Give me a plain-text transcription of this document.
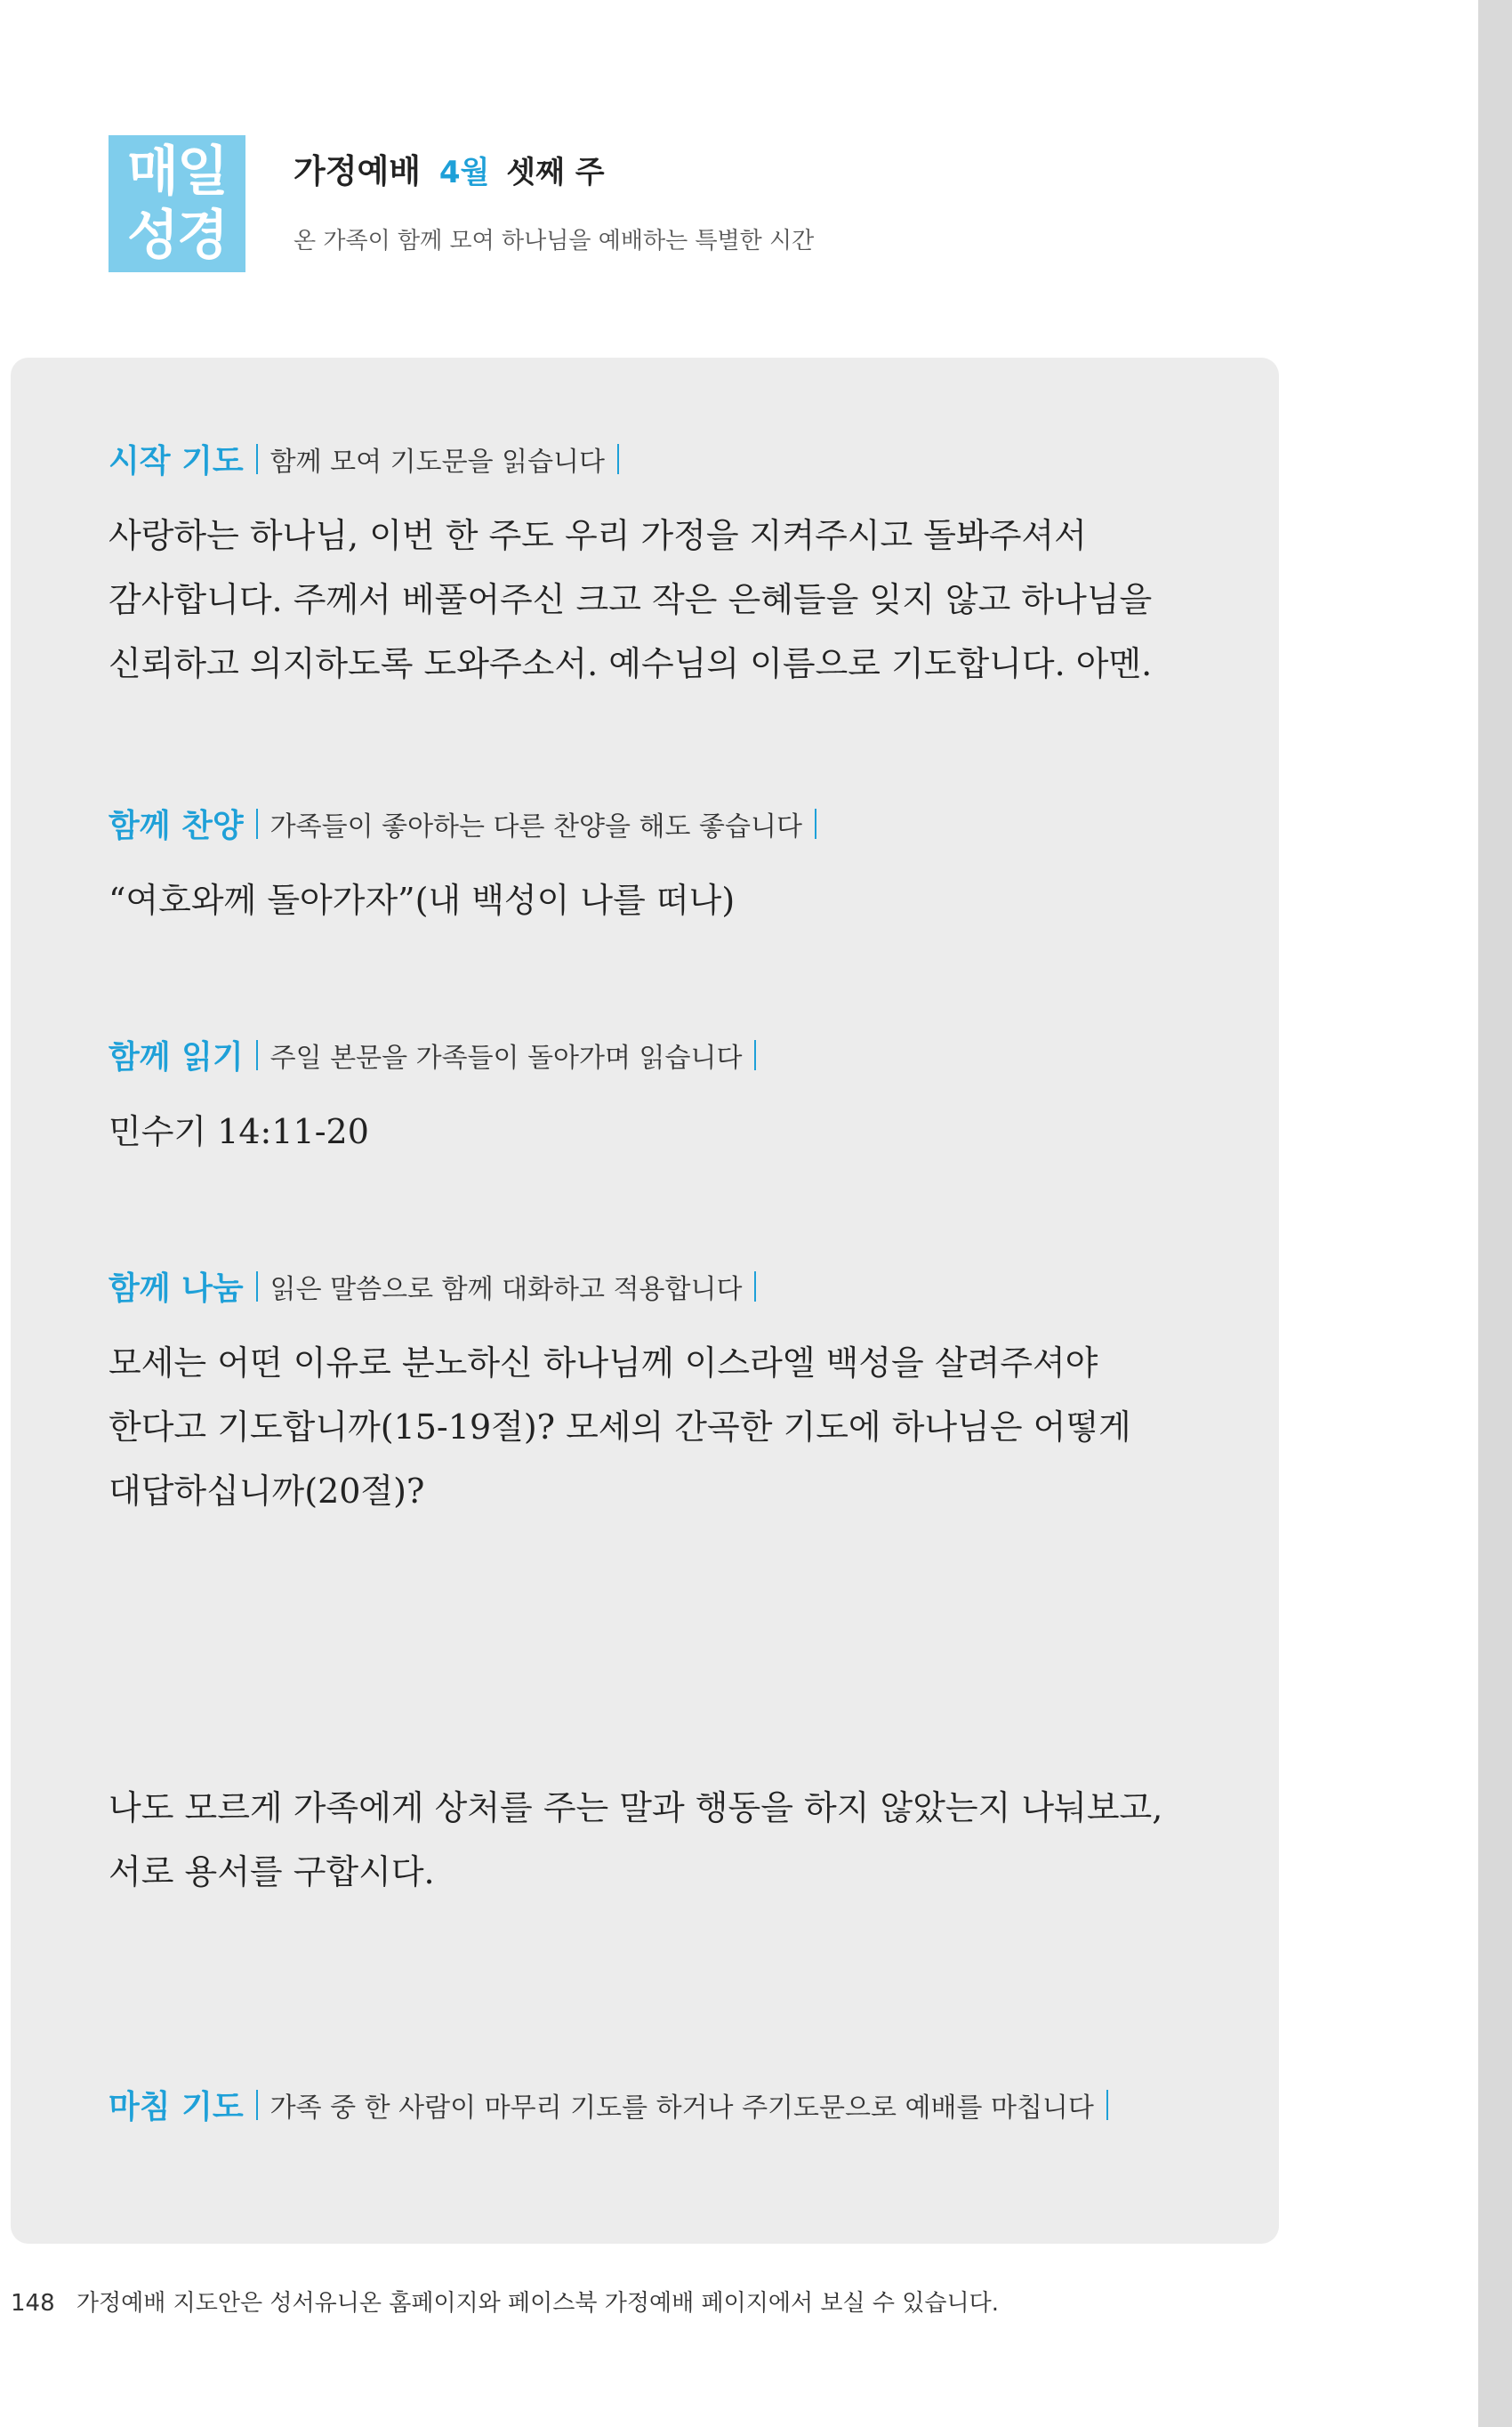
매일
성경
가정예배 4월 셋째 주
온 가족이 함께 모여 하나님을 예배하는 특별한 시간
시작 기도 함께 모여 기도문을 읽습니다
사랑하는 하나님, 이번 한 주도 우리 가정을 지켜주시고 돌봐주셔서 감사합니다. 주께서 베풀어주신 크고 작은 은혜들을 잊지 않고 하나님을 신뢰하고 의지하도록 도와주소서. 예수님의 이름으로 기도합니다. 아멘.
함께 찬양 가족들이 좋아하는 다른 찬양을 해도 좋습니다
“여호와께 돌아가자”(내 백성이 나를 떠나)
함께 읽기 주일 본문을 가족들이 돌아가며 읽습니다
민수기 14:11-20
함께 나눔 읽은 말씀으로 함께 대화하고 적용합니다
모세는 어떤 이유로 분노하신 하나님께 이스라엘 백성을 살려주셔야 한다고 기도합니까(15-19절)? 모세의 간곡한 기도에 하나님은 어떻게 대답하십니까(20절)?
나도 모르게 가족에게 상처를 주는 말과 행동을 하지 않았는지 나눠보고, 서로 용서를 구합시다.
마침 기도 가족 중 한 사람이 마무리 기도를 하거나 주기도문으로 예배를 마칩니다
148 가정예배 지도안은 성서유니온 홈페이지와 페이스북 가정예배 페이지에서 보실 수 있습니다.
